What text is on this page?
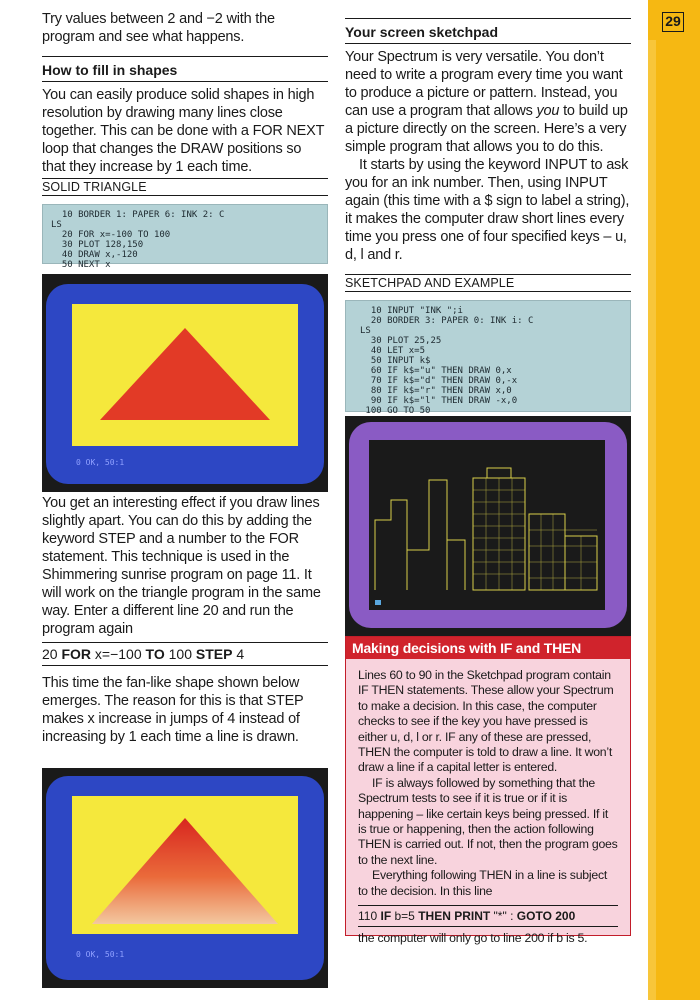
29

Try values between 2 and −2 with the program and see what happens.

How to fill in shapes

You can easily produce solid shapes in high resolution by drawing many lines close together. This can be done with a FOR NEXT loop that changes the DRAW positions so that they increase by 1 each time.

SOLID TRIANGLE
10 BORDER 1: PAPER 6: INK 2: C
LS
20 FOR x=-100 TO 100
30 PLOT 128,150
40 DRAW x,-120
50 NEXT x
0 OK, 50:1

You get an interesting effect if you draw lines slightly apart. You can do this by adding the keyword STEP and a number to the FOR statement. This technique is used in the Shimmering sunrise program on page 11. It will work on the triangle program in the same way. Enter a different line 20 and run the program again

20 FOR x=−100 TO 100 STEP 4

This time the fan-like shape shown below emerges. The reason for this is that STEP makes x increase in jumps of 4 instead of increasing by 1 each time a line is drawn.

0 OK, 50:1
Your screen sketchpad

Your Spectrum is very versatile. You don’t need to write a program every time you want to produce a picture or pattern. Instead, you can use a program that allows you to build up a picture directly on the screen. Here’s a very simple program that allows you to do this.

It starts by using the keyword INPUT to ask you for an ink number. Then, using INPUT again (this time with a $ sign to label a string), it makes the computer draw short lines every time you press one of four specified keys – u, d, l and r.

SKETCHPAD AND EXAMPLE
10 INPUT "INK ";i
20 BORDER 3: PAPER 0: INK i: C
LS
30 PLOT 25,25
40 LET x=5
50 INPUT k$
60 IF k$="u" THEN DRAW 0,x
70 IF k$="d" THEN DRAW 0,-x
80 IF k$="r" THEN DRAW x,0
90 IF k$="l" THEN DRAW -x,0
100 GO TO 50
Making decisions with IF and THEN

Lines 60 to 90 in the Sketchpad program contain IF THEN statements. These allow your Spectrum to make a decision. In this case, the computer checks to see if the key you have pressed is either u, d, l or r. IF any of these are pressed, THEN the computer is told to draw a line. It won’t draw a line if a capital letter is entered.

IF is always followed by something that the Spectrum tests to see if it is true or if it is happening – like certain keys being pressed. If it is true or happening, then the action following THEN is carried out. If not, then the program goes to the next line.

Everything following THEN in a line is subject to the decision. In this line

110 IF b=5 THEN PRINT "*" : GOTO 200

the computer will only go to line 200 if b is 5.
